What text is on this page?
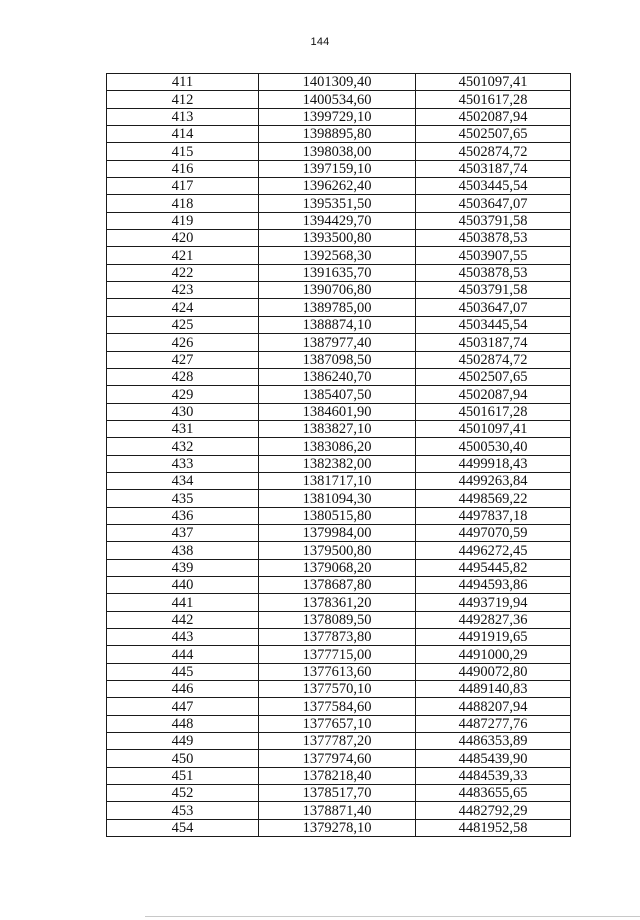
144
411	1401309,40	4501097,41
412	1400534,60	4501617,28
413	1399729,10	4502087,94
414	1398895,80	4502507,65
415	1398038,00	4502874,72
416	1397159,10	4503187,74
417	1396262,40	4503445,54
418	1395351,50	4503647,07
419	1394429,70	4503791,58
420	1393500,80	4503878,53
421	1392568,30	4503907,55
422	1391635,70	4503878,53
423	1390706,80	4503791,58
424	1389785,00	4503647,07
425	1388874,10	4503445,54
426	1387977,40	4503187,74
427	1387098,50	4502874,72
428	1386240,70	4502507,65
429	1385407,50	4502087,94
430	1384601,90	4501617,28
431	1383827,10	4501097,41
432	1383086,20	4500530,40
433	1382382,00	4499918,43
434	1381717,10	4499263,84
435	1381094,30	4498569,22
436	1380515,80	4497837,18
437	1379984,00	4497070,59
438	1379500,80	4496272,45
439	1379068,20	4495445,82
440	1378687,80	4494593,86
441	1378361,20	4493719,94
442	1378089,50	4492827,36
443	1377873,80	4491919,65
444	1377715,00	4491000,29
445	1377613,60	4490072,80
446	1377570,10	4489140,83
447	1377584,60	4488207,94
448	1377657,10	4487277,76
449	1377787,20	4486353,89
450	1377974,60	4485439,90
451	1378218,40	4484539,33
452	1378517,70	4483655,65
453	1378871,40	4482792,29
454	1379278,10	4481952,58
